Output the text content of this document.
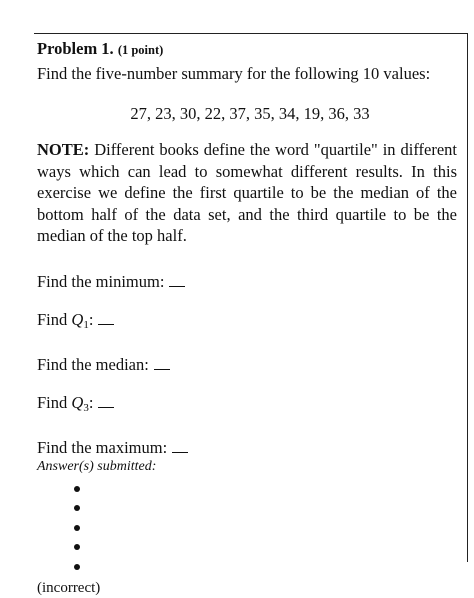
Problem 1. (1 point)
Find the five-number summary for the following 10 values:
27, 23, 30, 22, 37, 35, 34, 19, 36, 33
NOTE: Different books define the word "quartile" in different ways which can lead to somewhat different results. In this exercise we define the first quartile to be the median of the bottom half of the data set, and the third quartile to be the median of the top half.
Find the minimum:
Find Q1:
Find the median:
Find Q3:
Find the maximum:
Answer(s) submitted:
(incorrect)
